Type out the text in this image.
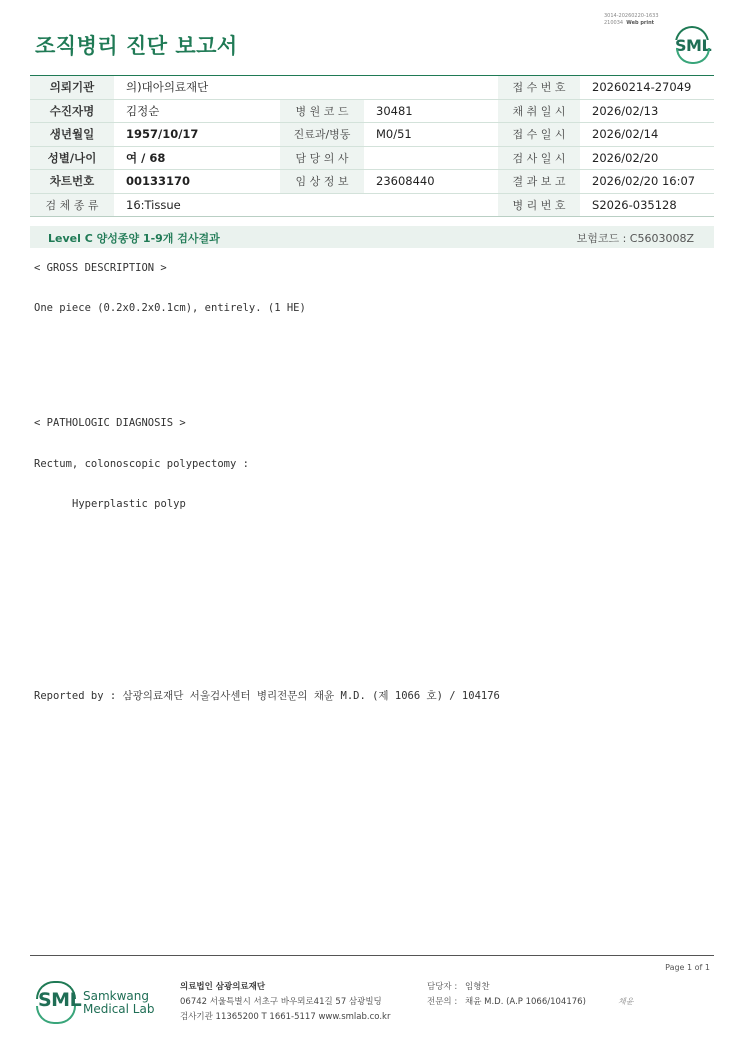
3014-20260220-1633
210034 Web print
조직병리 진단 보고서	SML
의뢰기관	의)대아의료재단			접 수 번 호	20260214-27049
수진자명	김정순	병 원 코 드	30481	채 취 일 시	2026/02/13
생년월일	1957/10/17	진료과/병동	M0/51	접 수 일 시	2026/02/14
성별/나이	여 / 68	담 당 의 사		검 사 일 시	2026/02/20
차트번호	00133170	임 상 정 보	23608440	결 과 보 고	2026/02/20 16:07
검 체 종 류	16:Tissue			병 리 번 호	S2026-035128
Level C 양성종양 1-9개 검사결과	보험코드 : C5603008Z
< GROSS DESCRIPTION >
One piece (0.2x0.2x0.1cm), entirely. (1 HE)
< PATHOLOGIC DIAGNOSIS >
Rectum, colonoscopic polypectomy :
Hyperplastic polyp
Reported by : 삼광의료재단 서울검사센터 병리전문의 채윤 M.D. (제 1066 호) / 104176
Page 1 of 1
SML Samkwang
Medical Lab
의료법인 삼광의료재단
06742 서울특별시 서초구 바우뫼로41길 57 삼광빌딩
검사기관 11365200 T 1661-5117 www.smlab.co.kr
담당자 : 임형찬
전문의 : 채윤 M.D. (A.P 1066/104176)	채윤
